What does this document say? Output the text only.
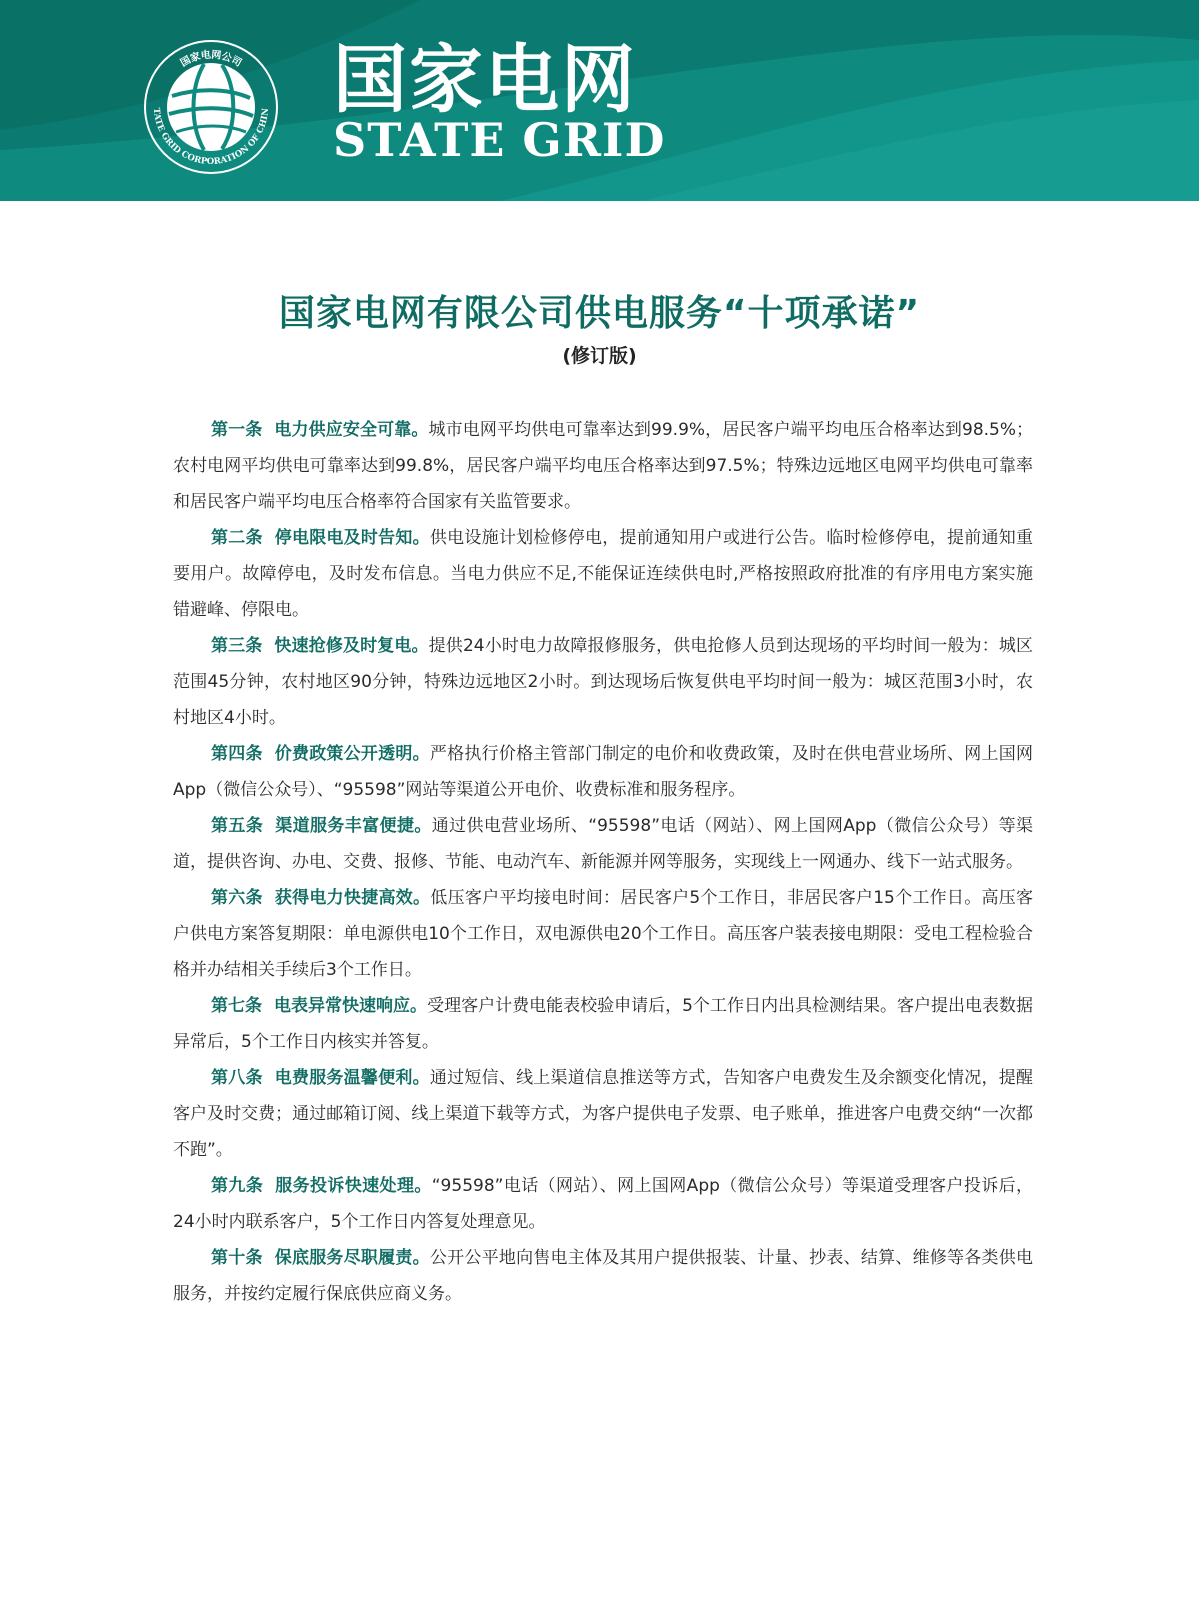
国家电网公司
TATE GRID CORPORATION OF CHIN 国家电网
STATE GRID
国家电网有限公司供电服务“十项承诺”
(修订版)

第一条 电力供应安全可靠。城市电网平均供电可靠率达到99.9%，居民客户端平均电压合格率达到98.5%；农村电网平均供电可靠率达到99.8%，居民客户端平均电压合格率达到97.5%；特殊边远地区电网平均供电可靠率和居民客户端平均电压合格率符合国家有关监管要求。

第二条 停电限电及时告知。供电设施计划检修停电，提前通知用户或进行公告。临时检修停电，提前通知重要用户。故障停电，及时发布信息。当电力供应不足,不能保证连续供电时,严格按照政府批准的有序用电方案实施错避峰、停限电。

第三条 快速抢修及时复电。提供24小时电力故障报修服务，供电抢修人员到达现场的平均时间一般为：城区范围45分钟，农村地区90分钟，特殊边远地区2小时。到达现场后恢复供电平均时间一般为：城区范围3小时，农村地区4小时。

第四条 价费政策公开透明。严格执行价格主管部门制定的电价和收费政策，及时在供电营业场所、网上国网App（微信公众号）、“95598”网站等渠道公开电价、收费标准和服务程序。

第五条 渠道服务丰富便捷。通过供电营业场所、“95598”电话（网站）、网上国网App（微信公众号）等渠道，提供咨询、办电、交费、报修、节能、电动汽车、新能源并网等服务，实现线上一网通办、线下一站式服务。

第六条 获得电力快捷高效。低压客户平均接电时间：居民客户5个工作日，非居民客户15个工作日。高压客户供电方案答复期限：单电源供电10个工作日，双电源供电20个工作日。高压客户装表接电期限：受电工程检验合格并办结相关手续后3个工作日。

第七条 电表异常快速响应。受理客户计费电能表校验申请后，5个工作日内出具检测结果。客户提出电表数据异常后，5个工作日内核实并答复。

第八条 电费服务温馨便利。通过短信、线上渠道信息推送等方式，告知客户电费发生及余额变化情况，提醒客户及时交费；通过邮箱订阅、线上渠道下载等方式，为客户提供电子发票、电子账单，推进客户电费交纳“一次都不跑”。

第九条 服务投诉快速处理。“95598”电话（网站）、网上国网App（微信公众号）等渠道受理客户投诉后，24小时内联系客户，5个工作日内答复处理意见。

第十条 保底服务尽职履责。公开公平地向售电主体及其用户提供报装、计量、抄表、结算、维修等各类供电服务，并按约定履行保底供应商义务。
